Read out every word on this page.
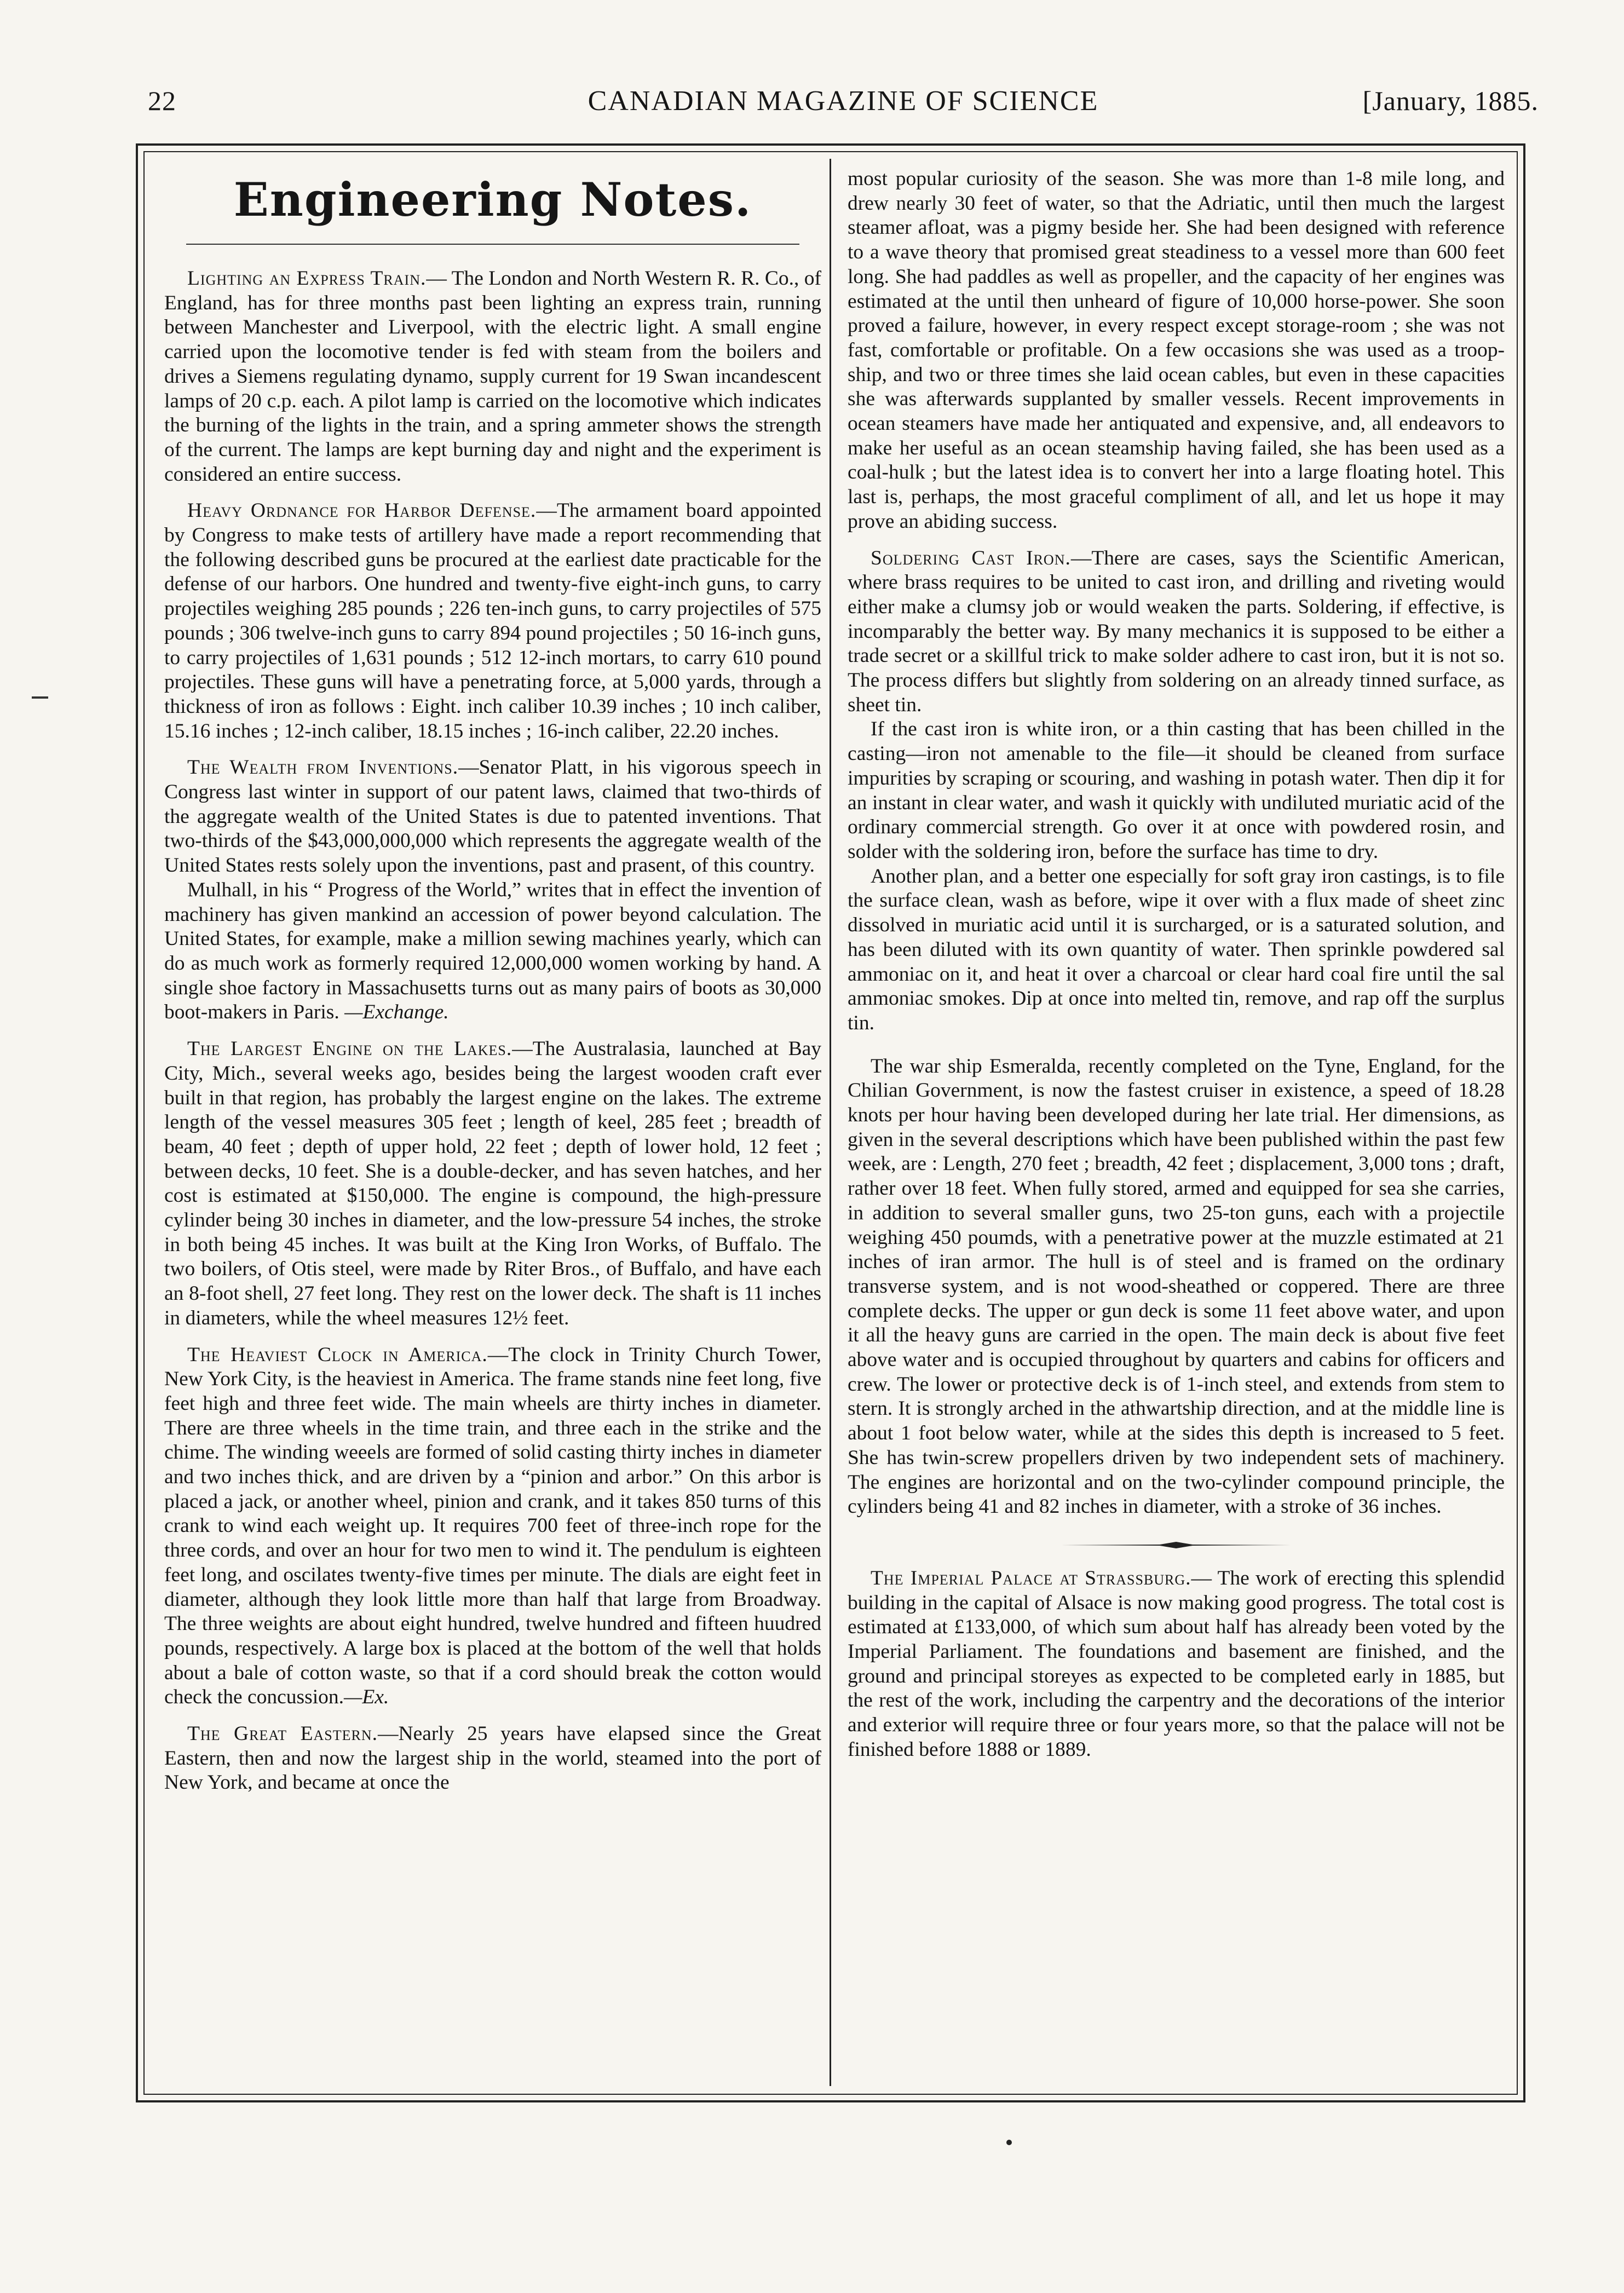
22	CANADIAN MAGAZINE OF SCIENCE	[January, 1885.
Engineering Notes.

Lighting an Express Train.— The London and North Western R. R. Co., of England, has for three months past been lighting an express train, running between Manchester and Liverpool, with the electric light. A small engine carried upon the locomotive tender is fed with steam from the boilers and drives a Siemens regulating dynamo, supply current for 19 Swan incandescent lamps of 20 c.p. each. A pilot lamp is carried on the locomotive which indicates the burning of the lights in the train, and a spring ammeter shows the strength of the current. The lamps are kept burning day and night and the experiment is considered an entire success.

Heavy Ordnance for Harbor Defense.—The armament board appointed by Congress to make tests of artillery have made a report recommending that the following described guns be procured at the earliest date practicable for the defense of our harbors. One hundred and twenty-five eight-inch guns, to carry projectiles weighing 285 pounds ; 226 ten-inch guns, to carry projectiles of 575 pounds ; 306 twelve-inch guns to carry 894 pound projectiles ; 50 16-inch guns, to carry projectiles of 1,631 pounds ; 512 12-inch mortars, to carry 610 pound projectiles. These guns will have a penetrating force, at 5,000 yards, through a thickness of iron as follows : Eight. inch caliber 10.39 inches ; 10 inch caliber, 15.16 inches ; 12-inch caliber, 18.15 inches ; 16-inch caliber, 22.20 inches.

The Wealth from Inventions.—Senator Platt, in his vigorous speech in Congress last winter in support of our patent laws, claimed that two-thirds of the aggregate wealth of the United States is due to patented inventions. That two-thirds of the $43,000,000,000 which represents the aggregate wealth of the United States rests solely upon the inventions, past and prasent, of this country.

Mulhall, in his “ Progress of the World,” writes that in effect the invention of machinery has given mankind an accession of power beyond calculation. The United States, for example, make a million sewing machines yearly, which can do as much work as formerly required 12,000,000 women working by hand. A single shoe factory in Massachusetts turns out as many pairs of boots as 30,000 boot-makers in Paris. —Exchange.

The Largest Engine on the Lakes.—The Australasia, launched at Bay City, Mich., several weeks ago, besides being the largest wooden craft ever built in that region, has probably the largest engine on the lakes. The extreme length of the vessel measures 305 feet ; length of keel, 285 feet ; breadth of beam, 40 feet ; depth of upper hold, 22 feet ; depth of lower hold, 12 feet ; between decks, 10 feet. She is a double-decker, and has seven hatches, and her cost is estimated at $150,000. The engine is compound, the high-pressure cylinder being 30 inches in diameter, and the low-pressure 54 inches, the stroke in both being 45 inches. It was built at the King Iron Works, of Buffalo. The two boilers, of Otis steel, were made by Riter Bros., of Buffalo, and have each an 8-foot shell, 27 feet long. They rest on the lower deck. The shaft is 11 inches in diameters, while the wheel measures 12½ feet.

The Heaviest Clock in America.—The clock in Trinity Church Tower, New York City, is the heaviest in America. The frame stands nine feet long, five feet high and three feet wide. The main wheels are thirty inches in diameter. There are three wheels in the time train, and three each in the strike and the chime. The winding weeels are formed of solid casting thirty inches in diameter and two inches thick, and are driven by a “pinion and arbor.” On this arbor is placed a jack, or another wheel, pinion and crank, and it takes 850 turns of this crank to wind each weight up. It requires 700 feet of three-inch rope for the three cords, and over an hour for two men to wind it. The pendulum is eighteen feet long, and oscilates twenty-five times per minute. The dials are eight feet in diameter, although they look little more than half that large from Broadway. The three weights are about eight hundred, twelve hundred and fifteen huudred pounds, respectively. A large box is placed at the bottom of the well that holds about a bale of cotton waste, so that if a cord should break the cotton would check the concussion.—Ex.

The Great Eastern.—Nearly 25 years have elapsed since the Great Eastern, then and now the largest ship in the world, steamed into the port of New York, and became at once the

most popular curiosity of the season. She was more than 1-8 mile long, and drew nearly 30 feet of water, so that the Adriatic, until then much the largest steamer afloat, was a pigmy beside her. She had been designed with reference to a wave theory that promised great steadiness to a vessel more than 600 feet long. She had paddles as well as propeller, and the capacity of her engines was estimated at the until then unheard of figure of 10,000 horse-power. She soon proved a failure, however, in every respect except storage-room ; she was not fast, comfortable or profitable. On a few occasions she was used as a troop-ship, and two or three times she laid ocean cables, but even in these capacities she was afterwards supplanted by smaller vessels. Recent improvements in ocean steamers have made her antiquated and expensive, and, all endeavors to make her useful as an ocean steamship having failed, she has been used as a coal-hulk ; but the latest idea is to convert her into a large floating hotel. This last is, perhaps, the most graceful compliment of all, and let us hope it may prove an abiding success.

Soldering Cast Iron.—There are cases, says the Scientific American, where brass requires to be united to cast iron, and drilling and riveting would either make a clumsy job or would weaken the parts. Soldering, if effective, is incomparably the better way. By many mechanics it is supposed to be either a trade secret or a skillful trick to make solder adhere to cast iron, but it is not so. The process differs but slightly from soldering on an already tinned surface, as sheet tin.

If the cast iron is white iron, or a thin casting that has been chilled in the casting—iron not amenable to the file—it should be cleaned from surface impurities by scraping or scouring, and washing in potash water. Then dip it for an instant in clear water, and wash it quickly with undiluted muriatic acid of the ordinary commercial strength. Go over it at once with powdered rosin, and solder with the soldering iron, before the surface has time to dry.

Another plan, and a better one especially for soft gray iron castings, is to file the surface clean, wash as before, wipe it over with a flux made of sheet zinc dissolved in muriatic acid until it is surcharged, or is a saturated solution, and has been diluted with its own quantity of water. Then sprinkle powdered sal ammoniac on it, and heat it over a charcoal or clear hard coal fire until the sal ammoniac smokes. Dip at once into melted tin, remove, and rap off the surplus tin.

The war ship Esmeralda, recently completed on the Tyne, England, for the Chilian Government, is now the fastest cruiser in existence, a speed of 18.28 knots per hour having been developed during her late trial. Her dimensions, as given in the several descriptions which have been published within the past few week, are : Length, 270 feet ; breadth, 42 feet ; displacement, 3,000 tons ; draft, rather over 18 feet. When fully stored, armed and equipped for sea she carries, in addition to several smaller guns, two 25-ton guns, each with a projectile weighing 450 poumds, with a penetrative power at the muzzle estimated at 21 inches of iran armor. The hull is of steel and is framed on the ordinary transverse system, and is not wood-sheathed or coppered. There are three complete decks. The upper or gun deck is some 11 feet above water, and upon it all the heavy guns are carried in the open. The main deck is about five feet above water and is occupied throughout by quarters and cabins for officers and crew. The lower or protective deck is of 1-inch steel, and extends from stem to stern. It is strongly arched in the athwartship direction, and at the middle line is about 1 foot below water, while at the sides this depth is increased to 5 feet. She has twin-screw propellers driven by two independent sets of machinery. The engines are horizontal and on the two-cylinder compound principle, the cylinders being 41 and 82 inches in diameter, with a stroke of 36 inches.

The Imperial Palace at Strassburg.— The work of erecting this splendid building in the capital of Alsace is now making good progress. The total cost is estimated at £133,000, of which sum about half has already been voted by the Imperial Parliament. The foundations and basement are finished, and the ground and principal storeyes as expected to be completed early in 1885, but the rest of the work, including the carpentry and the decorations of the interior and exterior will require three or four years more, so that the palace will not be finished before 1888 or 1889.
